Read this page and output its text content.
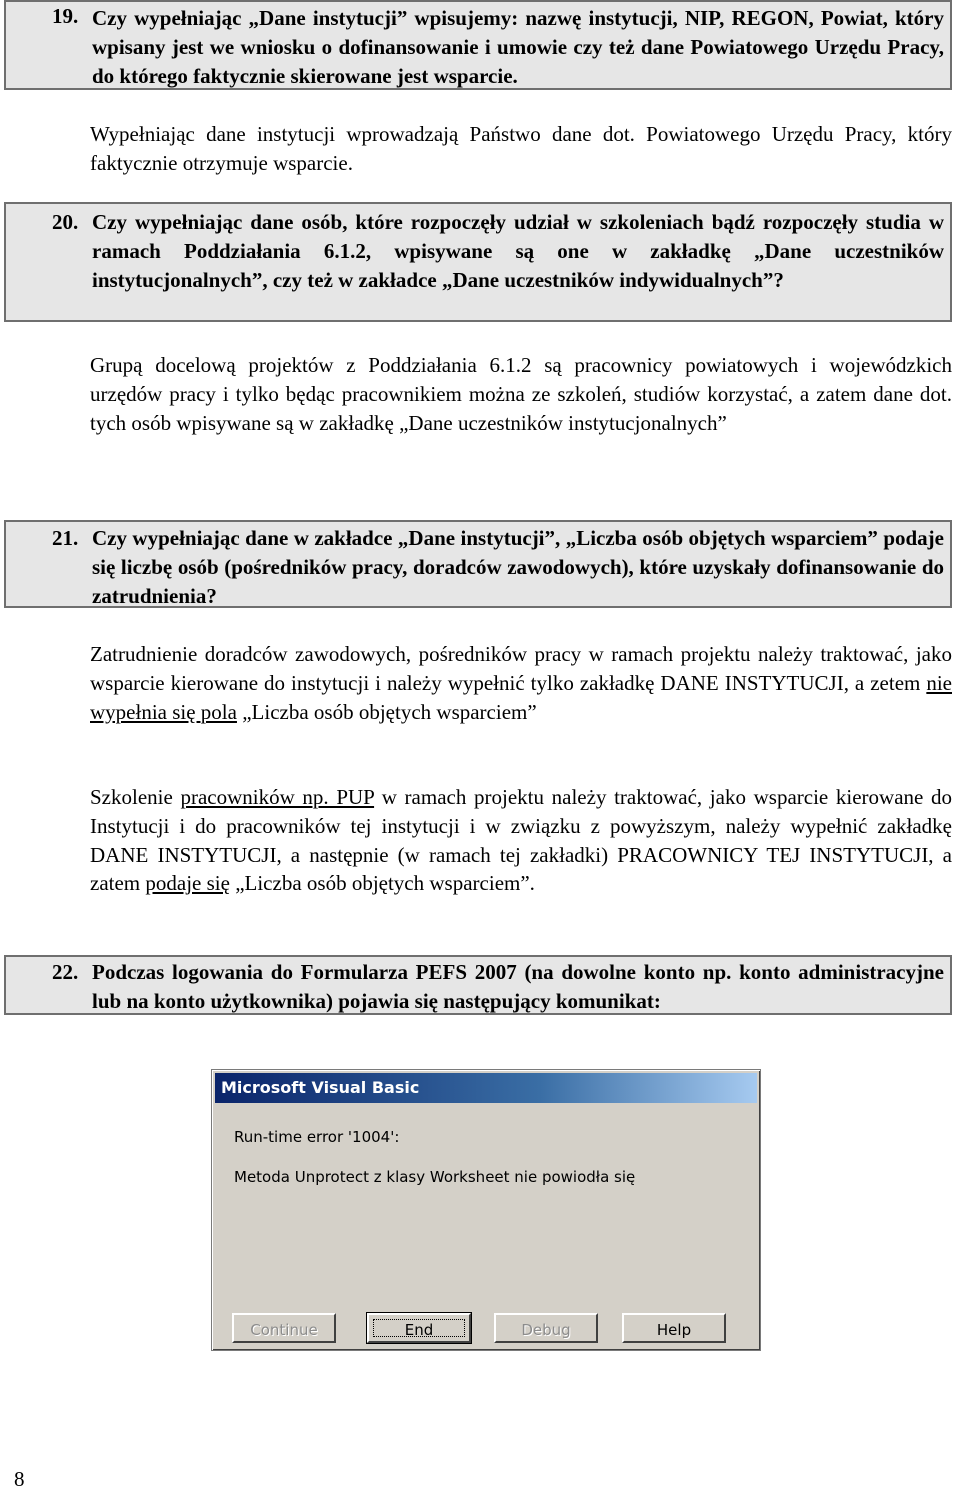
19. Czy wypełniając „Dane instytucji” wpisujemy: nazwę instytucji, NIP, REGON, Powiat, który wpisany jest we wniosku o dofinansowanie i umowie czy też dane Powiatowego Urzędu Pracy, do którego faktycznie skierowane jest wsparcie.

Wypełniając dane instytucji wprowadzają Państwo dane dot. Powiatowego Urzędu Pracy, który faktycznie otrzymuje wsparcie.

20. Czy wypełniając dane osób, które rozpoczęły udział w szkoleniach bądź rozpoczęły studia w ramach Poddziałania 6.1.2, wpisywane są one w zakładkę „Dane uczestników instytucjonalnych”, czy też w zakładce „Dane uczestników indywidualnych”?

Grupą docelową projektów z Poddziałania 6.1.2 są pracownicy powiatowych i wojewódzkich urzędów pracy i tylko będąc pracownikiem można ze szkoleń, studiów korzystać, a zatem dane dot. tych osób wpisywane są w zakładkę „Dane uczestników instytucjonalnych”

21. Czy wypełniając dane w zakładce „Dane instytucji”, „Liczba osób objętych wsparciem” podaje się liczbę osób (pośredników pracy, doradców zawodowych), które uzyskały dofinansowanie do zatrudnienia?

Zatrudnienie doradców zawodowych, pośredników pracy w ramach projektu należy traktować, jako wsparcie kierowane do instytucji i należy wypełnić tylko zakładkę DANE INSTYTUCJI, a zetem nie wypełnia się pola „Liczba osób objętych wsparciem”

Szkolenie pracowników np. PUP w ramach projektu należy traktować, jako wsparcie kierowane do Instytucji i do pracowników tej instytucji i w związku z powyższym, należy wypełnić zakładkę DANE INSTYTUCJI, a następnie (w ramach tej zakładki) PRACOWNICY TEJ INSTYTUCJI, a zatem podaje się „Liczba osób objętych wsparciem”.

22. Podczas logowania do Formularza PEFS 2007 (na dowolne konto np. konto administracyjne lub na konto użytkownika) pojawia się następujący komunikat:
Microsoft Visual Basic
Run-time error '1004':
Metoda Unprotect z klasy Worksheet nie powiodła się
Continue	End	Debug	Help
8
